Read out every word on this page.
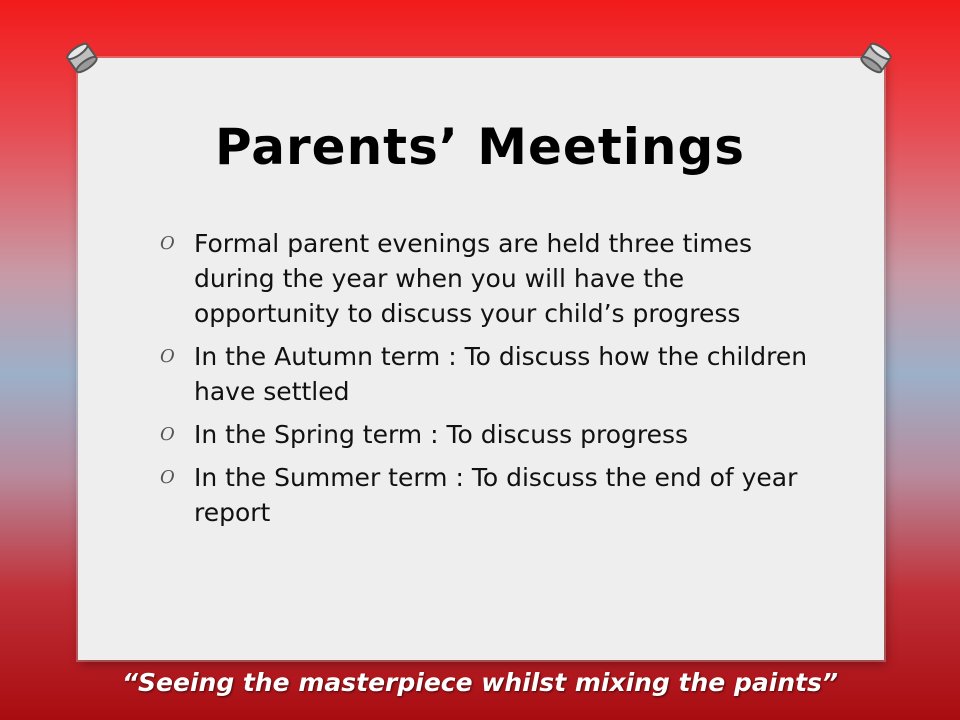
Parents’ Meetings
O Formal parent evenings are held three times during the year when you will have the opportunity to discuss your child’s progress
O In the Autumn term : To discuss how the children have settled
O In the Spring term : To discuss progress
O In the Summer term : To discuss the end of year report
“Seeing the masterpiece whilst mixing the paints”
